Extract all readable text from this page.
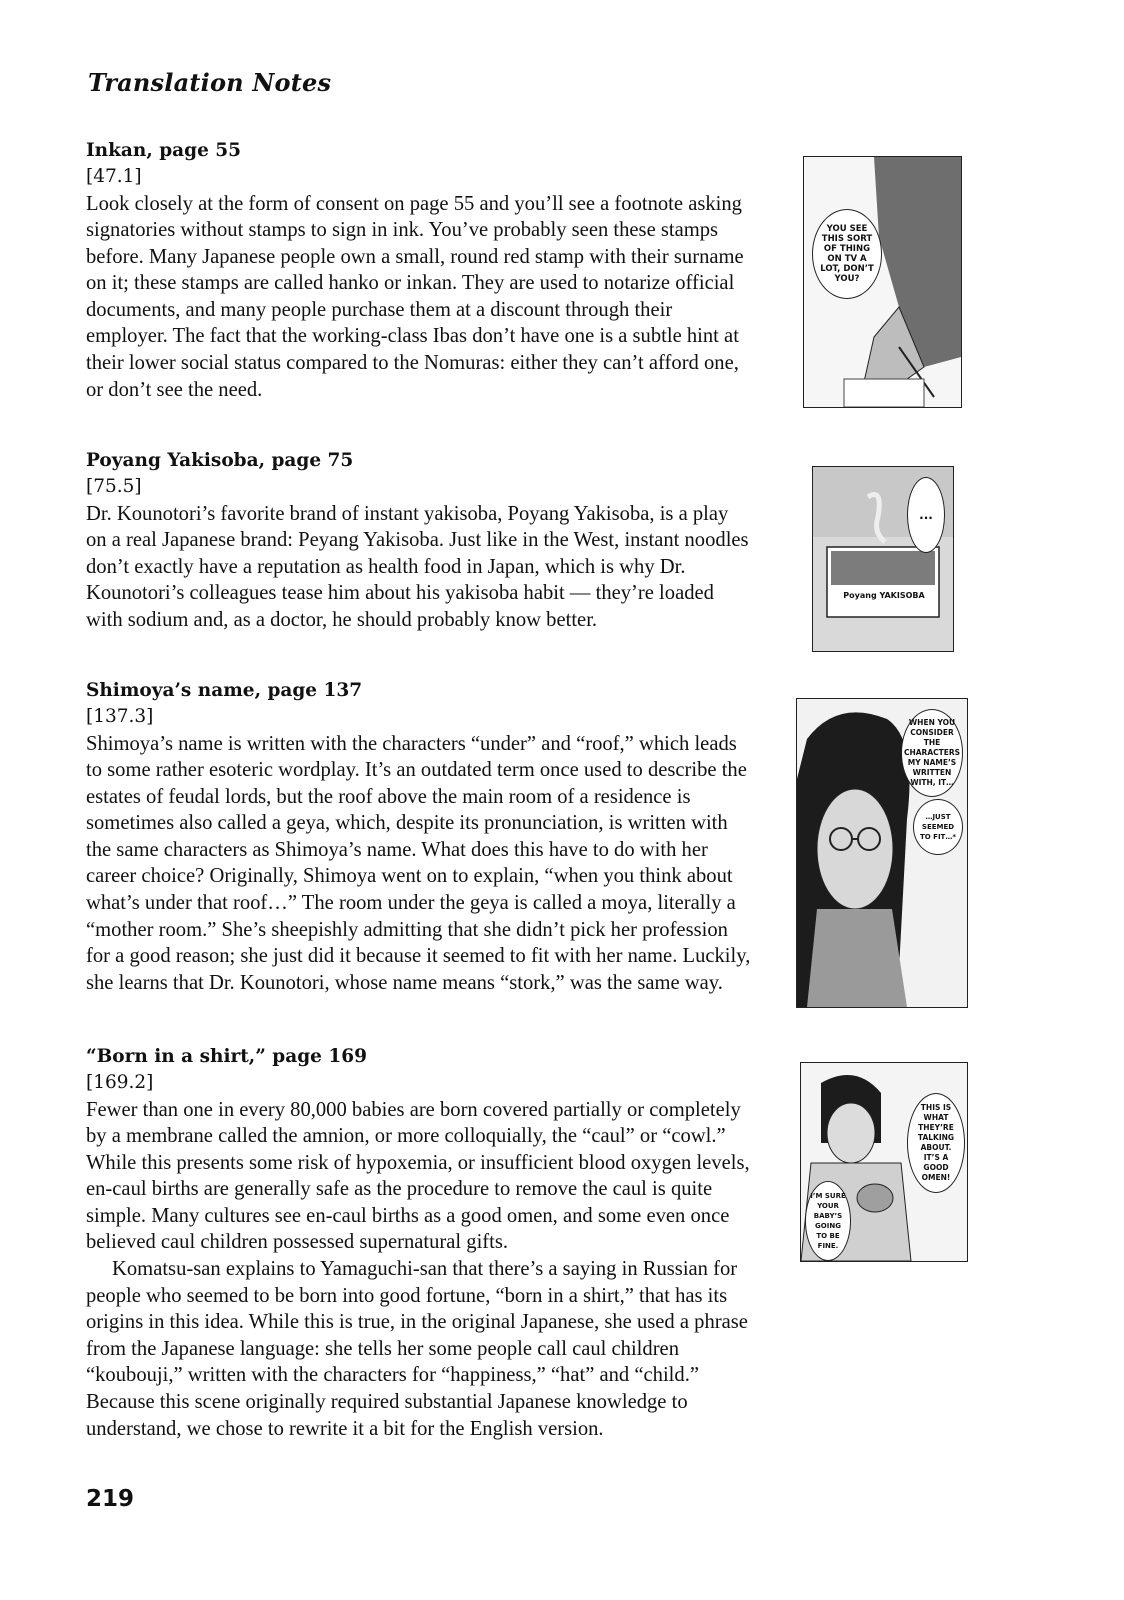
Translation Notes
Inkan, page 55
[47.1]

Look closely at the form of consent on page 55 and you’ll see a footnote asking signatories without stamps to sign in ink. You’ve probably seen these stamps before. Many Japanese people own a small, round red stamp with their surname on it; these stamps are called hanko or inkan. They are used to notarize official documents, and many people purchase them at a discount through their employer. The fact that the working-class Ibas don’t have one is a subtle hint at their lower social status compared to the Nomuras: either they can’t afford one, or don’t see the need.

YOU SEE THIS SORT OF THING ON TV A LOT, DON’T YOU?
Poyang Yakisoba, page 75
[75.5]

Dr. Kounotori’s favorite brand of instant yakisoba, Poyang Yakisoba, is a play on a real Japanese brand: Peyang Yakisoba. Just like in the West, instant noodles don’t exactly have a reputation as health food in Japan, which is why Dr. Kounotori’s colleagues tease him about his yakisoba habit — they’re loaded with sodium and, as a doctor, he should probably know better.

...
Poyang YAKISOBA
Shimoya’s name, page 137
[137.3]

Shimoya’s name is written with the characters “under” and “roof,” which leads to some rather esoteric wordplay. It’s an outdated term once used to describe the estates of feudal lords, but the roof above the main room of a residence is sometimes also called a geya, which, despite its pronunciation, is written with the same characters as Shimoya’s name. What does this have to do with her career choice? Originally, Shimoya went on to explain, “when you think about what’s under that roof…” The room under the geya is called a moya, literally a “mother room.” She’s sheepishly admitting that she didn’t pick her profession for a good reason; she just did it because it seemed to fit with her name. Luckily, she learns that Dr. Kounotori, whose name means “stork,” was the same way.

WHEN YOU CONSIDER THE CHARACTERS MY NAME’S WRITTEN WITH, IT…
…JUST SEEMED TO FIT…*
“Born in a shirt,” page 169
[169.2]

Fewer than one in every 80,000 babies are born covered partially or completely by a membrane called the amnion, or more colloquially, the “caul” or “cowl.” While this presents some risk of hypoxemia, or insufficient blood oxygen levels, en-caul births are generally safe as the procedure to remove the caul is quite simple. Many cultures see en-caul births as a good omen, and some even once believed caul children possessed supernatural gifts.

Komatsu-san explains to Yamaguchi-san that there’s a saying in Russian for people who seemed to be born into good fortune, “born in a shirt,” that has its origins in this idea. While this is true, in the original Japanese, she used a phrase from the Japanese language: she tells her some people call caul children “koubouji,” written with the characters for “happiness,” “hat” and “child.” Because this scene originally required substantial Japanese knowledge to understand, we chose to rewrite it a bit for the English version.

THIS IS WHAT THEY’RE TALKING ABOUT. IT’S A GOOD OMEN!
I’M SURE YOUR BABY’S GOING TO BE FINE.
219
